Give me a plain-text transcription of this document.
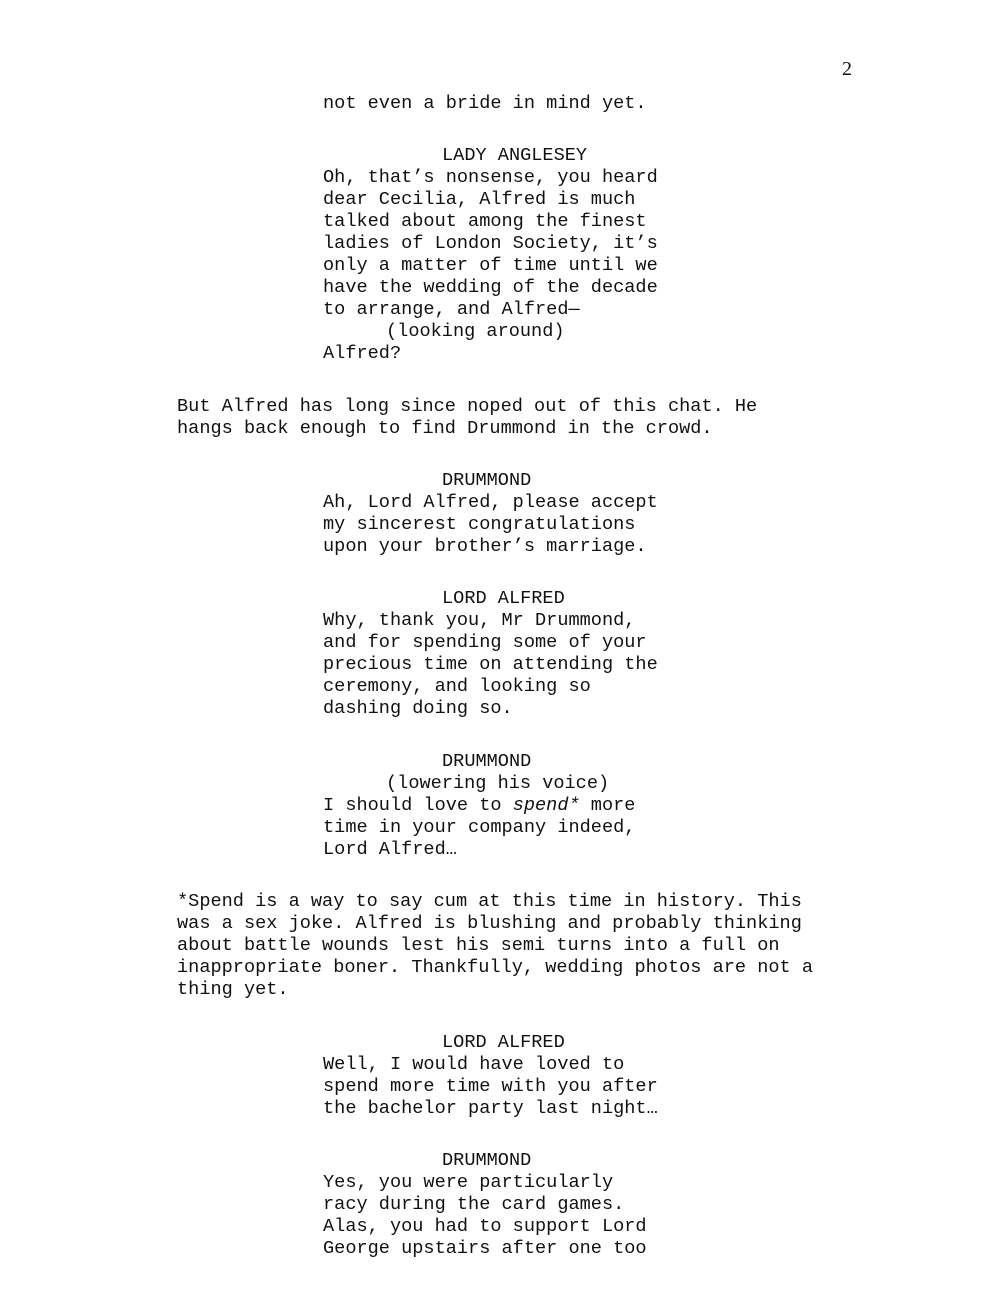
2
not even a bride in mind yet.
LADY ANGLESEY
Oh, that’s nonsense, you heard
dear Cecilia, Alfred is much
talked about among the finest
ladies of London Society, it’s
only a matter of time until we
have the wedding of the decade
to arrange, and Alfred—
(looking around)
Alfred?
But Alfred has long since noped out of this chat. He
hangs back enough to find Drummond in the crowd.
DRUMMOND
Ah, Lord Alfred, please accept
my sincerest congratulations
upon your brother’s marriage.
LORD ALFRED
Why, thank you, Mr Drummond,
and for spending some of your
precious time on attending the
ceremony, and looking so
dashing doing so.
DRUMMOND
(lowering his voice)
I should love to spend* more
time in your company indeed,
Lord Alfred…
*Spend is a way to say cum at this time in history. This
was a sex joke. Alfred is blushing and probably thinking
about battle wounds lest his semi turns into a full on
inappropriate boner. Thankfully, wedding photos are not a
thing yet.
LORD ALFRED
Well, I would have loved to
spend more time with you after
the bachelor party last night…
DRUMMOND
Yes, you were particularly
racy during the card games.
Alas, you had to support Lord
George upstairs after one too
